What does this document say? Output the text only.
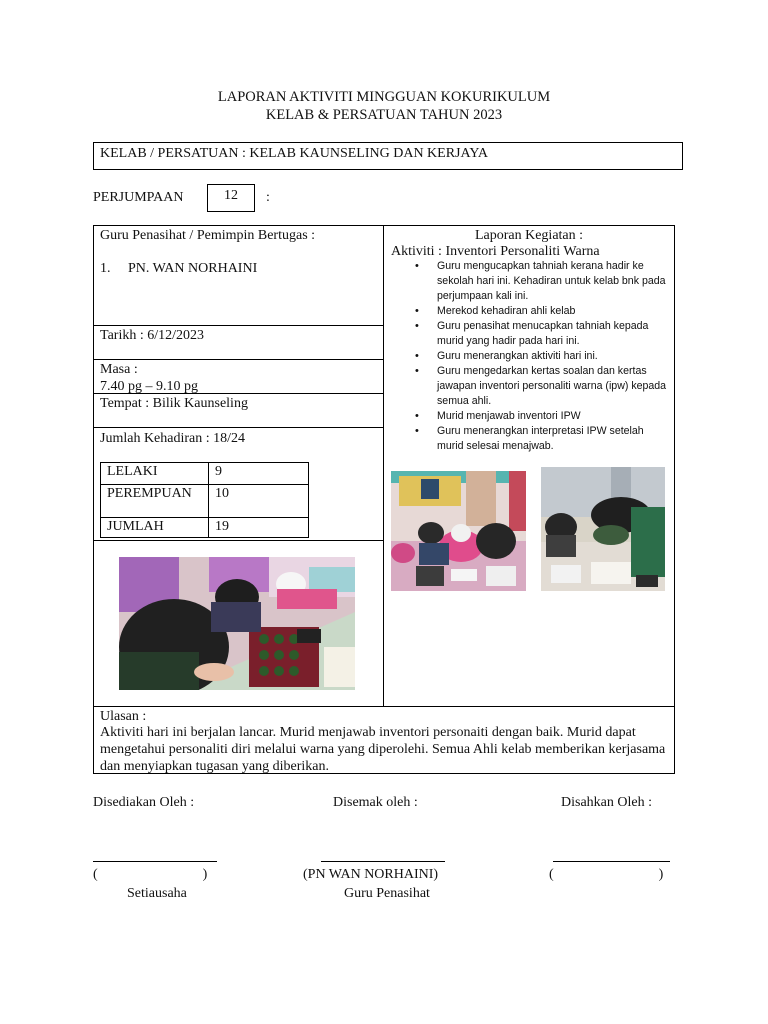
LAPORAN AKTIVITI MINGGUAN KOKURIKULUM
KELAB & PERSATUAN TAHUN 2023
KELAB / PERSATUAN : KELAB KAUNSELING DAN KERJAYA
PERJUMPAAN	12	:
Guru Penasihat / Pemimpin Bertugas :
1.     PN. WAN NORHAINI
Tarikh : 6/12/2023
Masa :
7.40 pg – 9.10 pg
Tempat : Bilik Kaunseling
Jumlah Kehadiran : 18/24
LELAKI	9
PEREMPUAN	10
JUMLAH	19
Laporan Kegiatan :
Aktiviti : Inventori Personaliti Warna
• Guru mengucapkan tahniah kerana hadir ke sekolah hari ini. Kehadiran untuk kelab bnk pada perjumpaan kali ini.
• Merekod kehadiran ahli kelab
• Guru penasihat menucapkan tahniah kepada murid yang hadir pada hari ini.
• Guru menerangkan aktiviti hari ini.
• Guru mengedarkan kertas soalan dan kertas jawapan inventori personaliti warna (ipw) kepada semua ahli.
• Murid menjawab inventori IPW
• Guru menerangkan interpretasi IPW setelah murid selesai menajwab.
Ulasan :
Aktiviti hari ini berjalan lancar. Murid menjawab inventori personaiti dengan baik. Murid dapat mengetahui personaliti diri melalui warna yang diperolehi. Semua Ahli kelab memberikan kerjasama dan menyiapkan tugasan yang diberikan.
Disediakan Oleh :	Disemak oleh :	Disahkan Oleh :
(                              )	(PN WAN NORHAINI)	(                              )
Setiausaha	Guru Penasihat
